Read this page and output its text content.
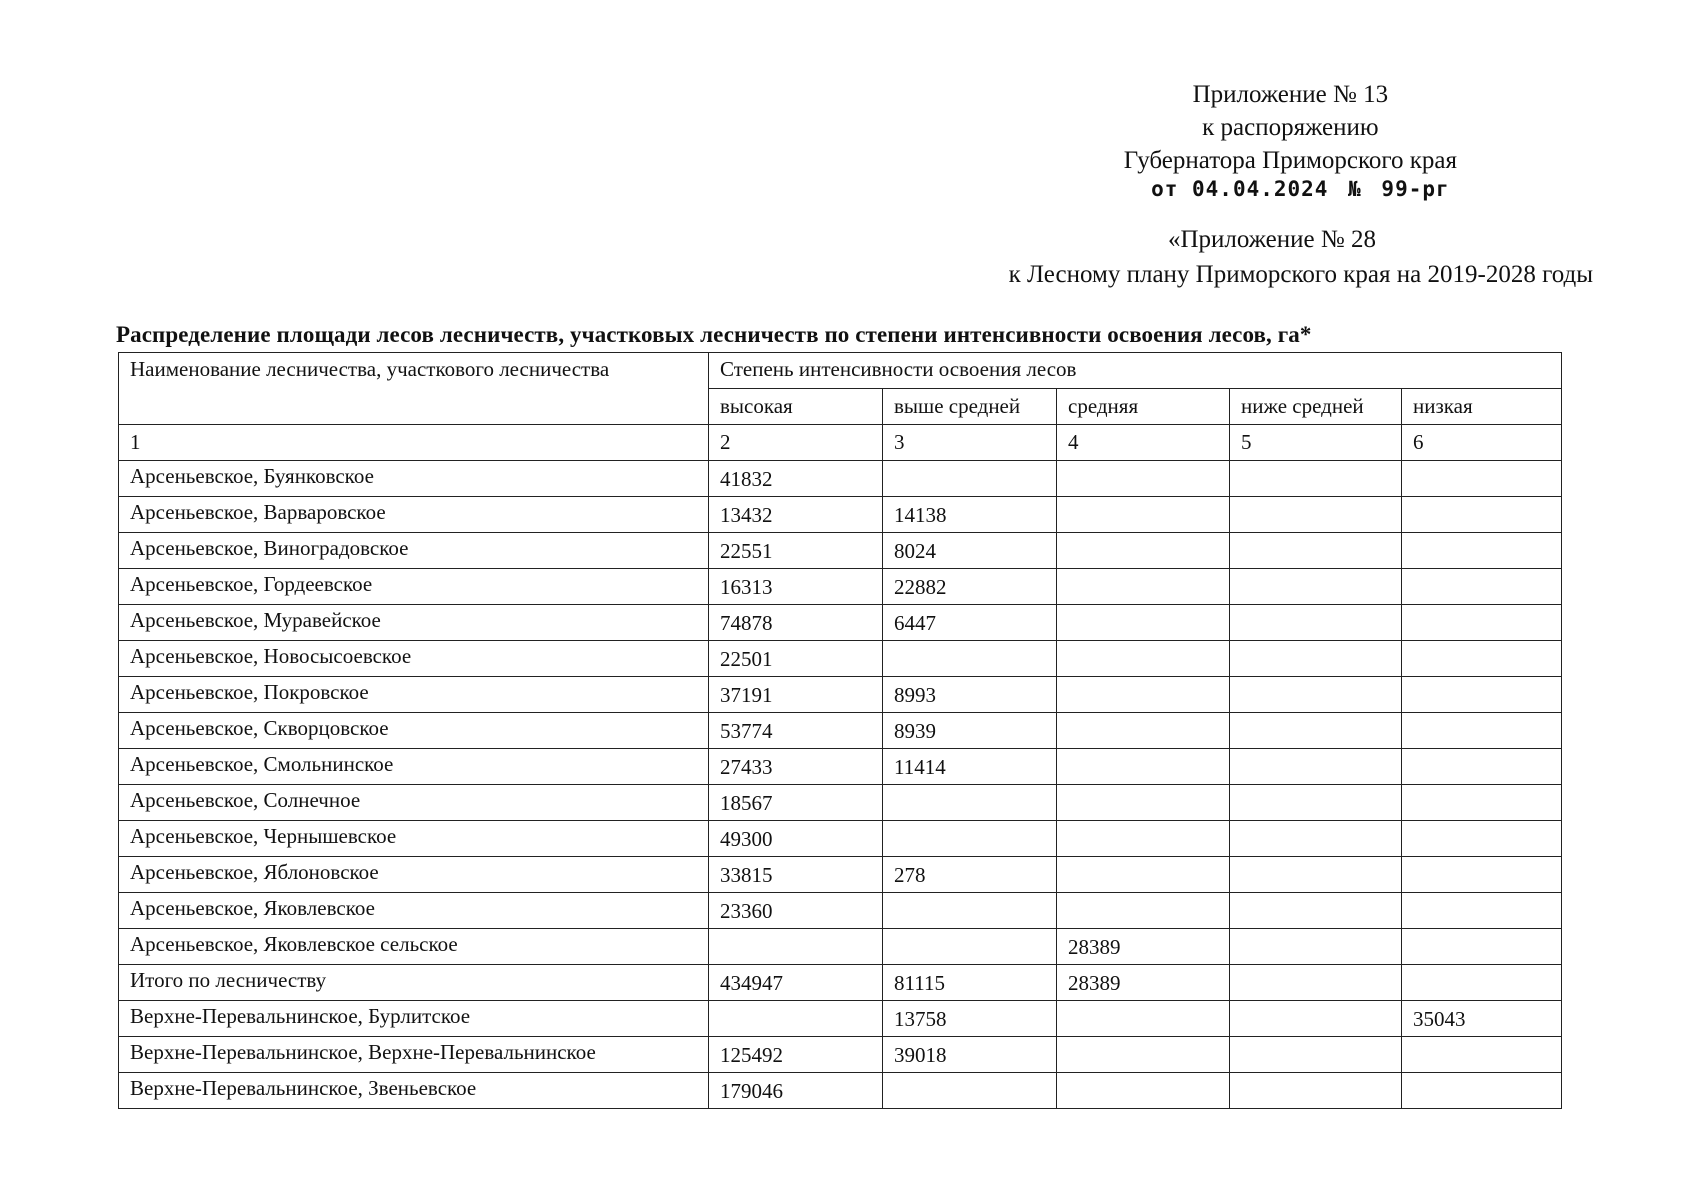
Приложение № 13
к распоряжению
Губернатора Приморского края
от 04.04.2024 № 99-рг
«Приложение № 28
к Лесному плану Приморского края на 2019-2028 годы
Распределение площади лесов лесничеств, участковых лесничеств по степени интенсивности освоения лесов, га*
Наименование лесничества, участкового лесничества	Степень интенсивности освоения лесов				
	высокая	выше средней	средняя	ниже средней	низкая
1	2	3	4	5	6
Арсеньевское, Буянковское	41832				
Арсеньевское, Варваровское	13432	14138			
Арсеньевское, Виноградовское	22551	8024			
Арсеньевское, Гордеевское	16313	22882			
Арсеньевское, Муравейское	74878	6447			
Арсеньевское, Новосысоевское	22501				
Арсеньевское, Покровское	37191	8993			
Арсеньевское, Скворцовское	53774	8939			
Арсеньевское, Смольнинское	27433	11414			
Арсеньевское, Солнечное	18567				
Арсеньевское, Чернышевское	49300				
Арсеньевское, Яблоновское	33815	278			
Арсеньевское, Яковлевское	23360				
Арсеньевское, Яковлевское сельское			28389		
Итого по лесничеству	434947	81115	28389		
Верхне-Перевальнинское, Бурлитское		13758			35043
Верхне-Перевальнинское, Верхне-Перевальнинское	125492	39018			
Верхне-Перевальнинское, Звеньевское	179046				
